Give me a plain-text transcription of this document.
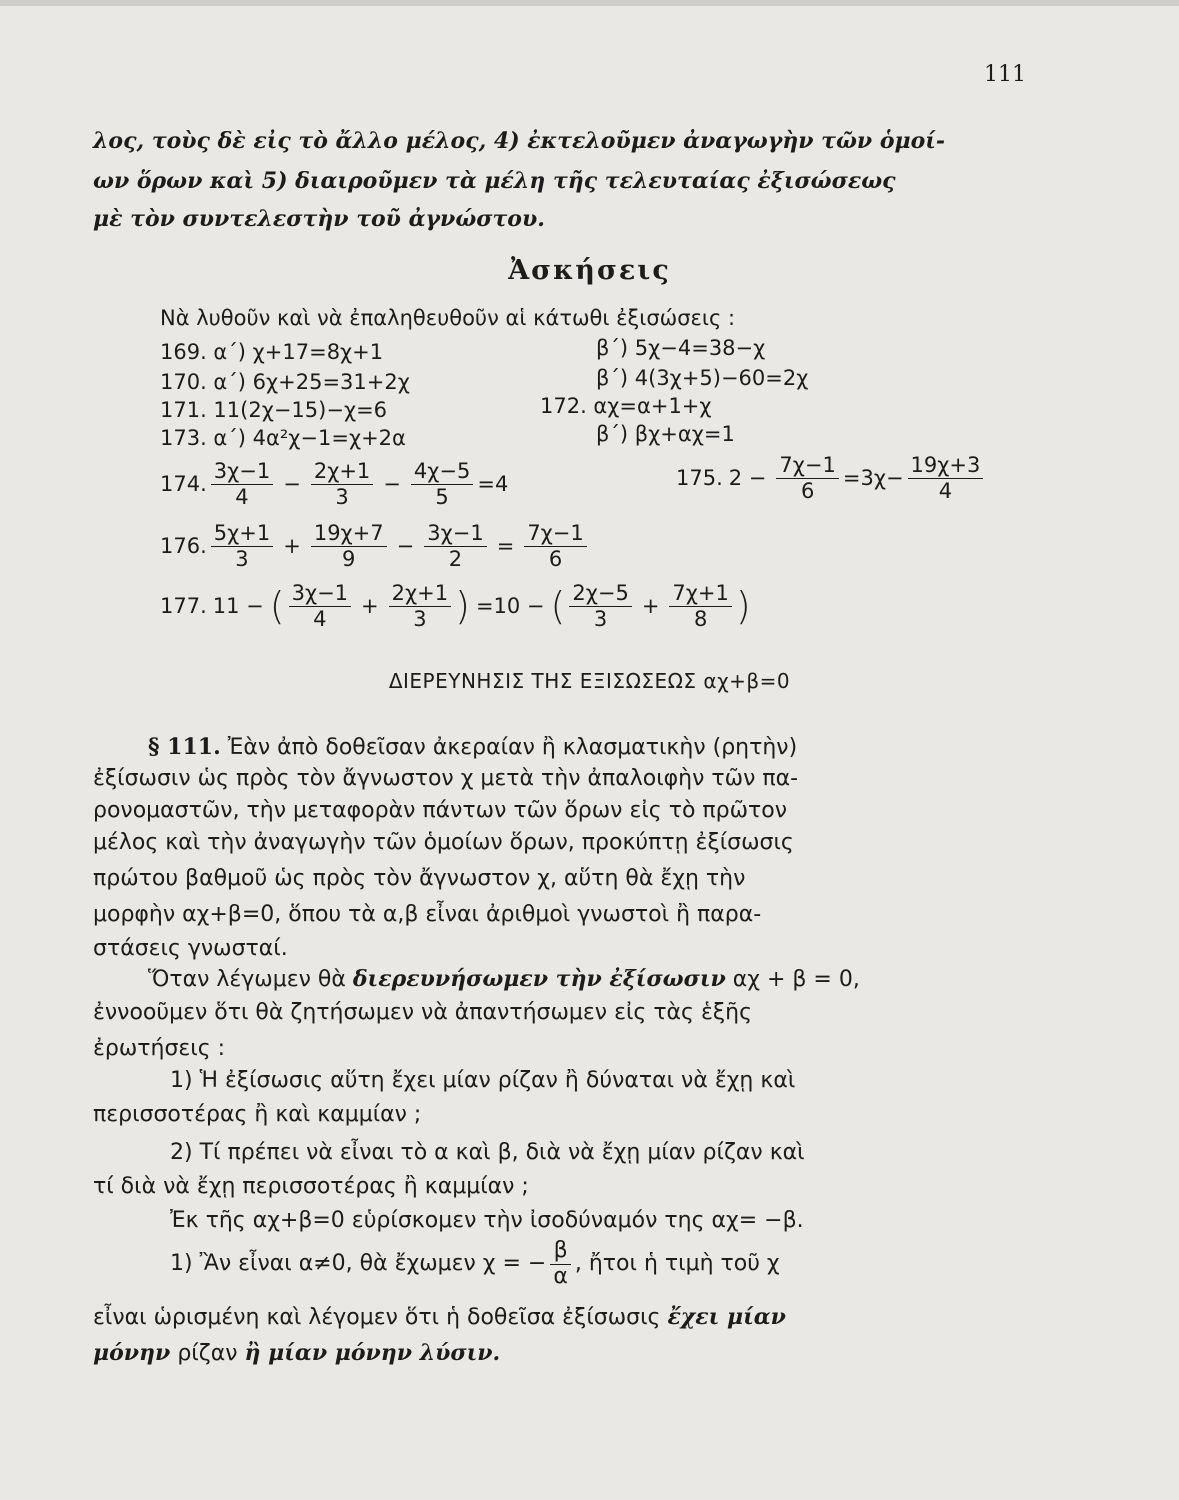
111
λος, τοὺς δὲ εἰς τὸ ἄλλο μέλος, 4) ἐκτελοῦμεν ἀναγωγὴν τῶν ὁμοί-
ων ὅρων καὶ 5) διαιροῦμεν τὰ μέλη τῆς τελευταίας ἐξισώσεως
μὲ τὸν συντελεστὴν τοῦ ἀγνώστου.
Ἀσκήσεις
Νὰ λυθοῦν καὶ νὰ ἐπαληθευθοῦν αἱ κάτωθι ἐξισώσεις :
169. α΄) χ+17=8χ+1	β΄) 5χ−4=38−χ
170. α΄) 6χ+25=31+2χ	β΄) 4(3χ+5)−60=2χ
171. 11(2χ−15)−χ=6	172. αχ=α+1+χ
173. α΄) 4α²χ−1=χ+2α	β΄) βχ+αχ=1
174. $\frac{3\chi-1}{4} - \frac{2\chi+1}{3} - \frac{4\chi-5}{5} =4$	175. $2 - \frac{7\chi-1}{6} =3\chi- \frac{19\chi+3}{4}$
176. $\frac{5\chi+1}{3} + \frac{19\chi+7}{9} - \frac{3\chi-1}{2} = \frac{7\chi-1}{6}$
177. 11 − ( $\frac{3\chi-1}{4} + \frac{2\chi+1}{3}$ ) =10 − ( $\frac{2\chi-5}{3} + \frac{7\chi+1}{8}$ )
ΔΙΕΡΕΥΝΗΣΙΣ ΤΗΣ ΕΞΙΣΩΣΕΩΣ αχ+β=0
§ 111. Ἐὰν ἀπὸ δοθεῖσαν ἀκεραίαν ἢ κλασματικὴν (ρητὴν)
ἐξίσωσιν ὡς πρὸς τὸν ἄγνωστον χ μετὰ τὴν ἀπαλοιφὴν τῶν πα-
ρονομαστῶν, τὴν μεταφορὰν πάντων τῶν ὅρων εἰς τὸ πρῶτον
μέλος καὶ τὴν ἀναγωγὴν τῶν ὁμοίων ὅρων, προκύπτῃ ἐξίσωσις
πρώτου βαθμοῦ ὡς πρὸς τὸν ἄγνωστον χ, αὕτη θὰ ἔχῃ τὴν
μορφὴν αχ+β=0, ὅπου τὰ α,β εἶναι ἀριθμοὶ γνωστοὶ ἢ παρα-
στάσεις γνωσταί.
Ὅταν λέγωμεν θὰ διερευνήσωμεν τὴν ἐξίσωσιν αχ + β = 0,
ἐννοοῦμεν ὅτι θὰ ζητήσωμεν νὰ ἀπαντήσωμεν εἰς τὰς ἑξῆς
ἐρωτήσεις :
1) Ἡ ἐξίσωσις αὕτη ἔχει μίαν ρίζαν ἢ δύναται νὰ ἔχῃ καὶ
περισσοτέρας ἢ καὶ καμμίαν ;
2) Τί πρέπει νὰ εἶναι τὸ α καὶ β, διὰ νὰ ἔχῃ μίαν ρίζαν καὶ
τί διὰ νὰ ἔχῃ περισσοτέρας ἢ καμμίαν ;
Ἐκ τῆς αχ+β=0 εὑρίσκομεν τὴν ἰσοδύναμόν της αχ= −β.
1) Ἂν εἶναι α≠0, θὰ ἔχωμεν χ = − $\frac{\beta}{\alpha}$ , ἤτοι ἡ τιμὴ τοῦ χ
εἶναι ὡρισμένη καὶ λέγομεν ὅτι ἡ δοθεῖσα ἐξίσωσις ἔχει μίαν
μόνην ρίζαν ἢ μίαν μόνην λύσιν.
